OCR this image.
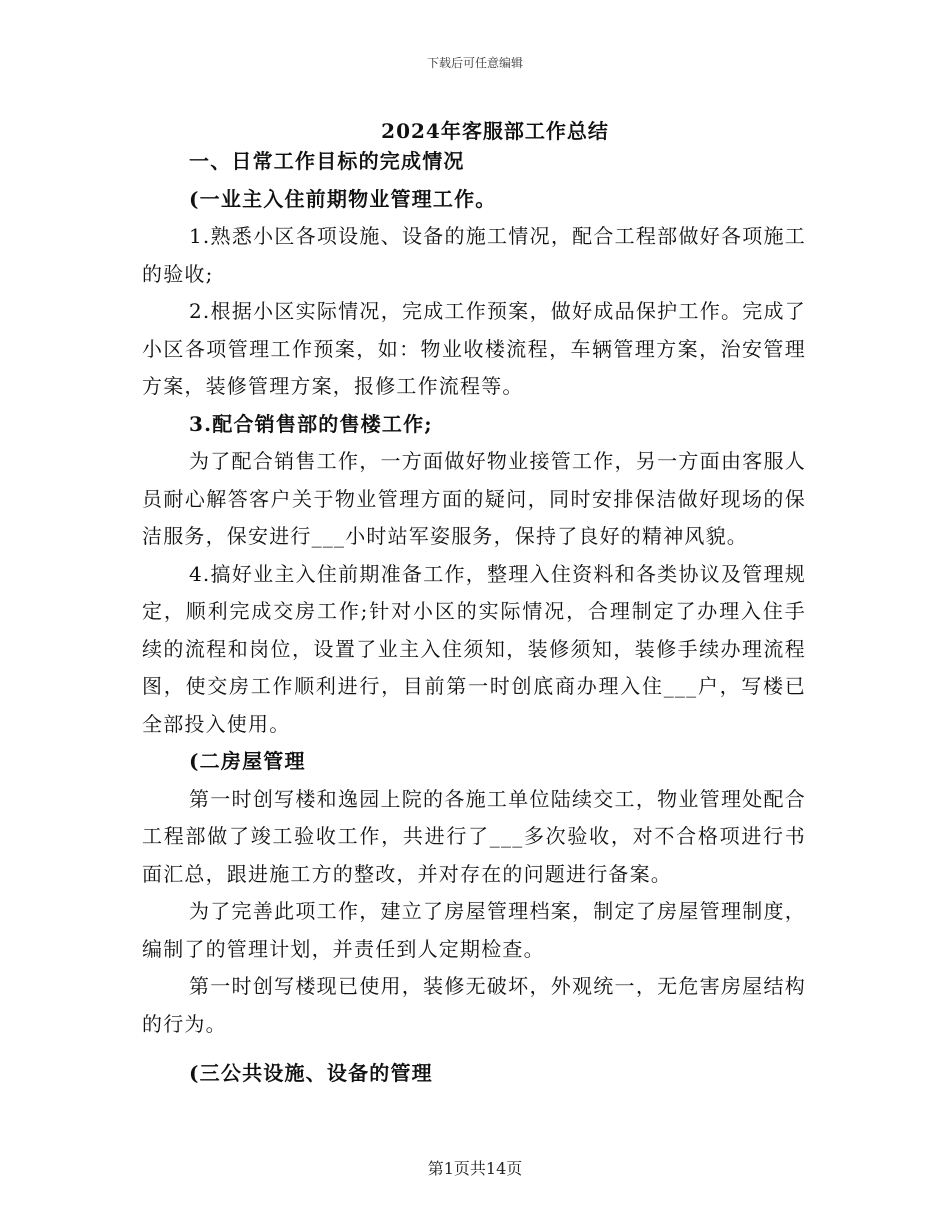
下载后可任意编辑
2024年客服部工作总结

一、日常工作目标的完成情况

(一业主入住前期物业管理工作。

1.熟悉小区各项设施、设备的施工情况，配合工程部做好各项施工的验收;

2.根据小区实际情况，完成工作预案，做好成品保护工作。完成了小区各项管理工作预案，如：物业收楼流程，车辆管理方案，治安管理方案，装修管理方案，报修工作流程等。

3.配合销售部的售楼工作;

为了配合销售工作，一方面做好物业接管工作，另一方面由客服人员耐心解答客户关于物业管理方面的疑问，同时安排保洁做好现场的保洁服务，保安进行___小时站军姿服务，保持了良好的精神风貌。

4.搞好业主入住前期准备工作，整理入住资料和各类协议及管理规定，顺利完成交房工作;针对小区的实际情况，合理制定了办理入住手续的流程和岗位，设置了业主入住须知，装修须知，装修手续办理流程图，使交房工作顺利进行，目前第一时创底商办理入住___户，写楼已全部投入使用。

(二房屋管理

第一时创写楼和逸园上院的各施工单位陆续交工，物业管理处配合工程部做了竣工验收工作，共进行了___多次验收，对不合格项进行书面汇总，跟进施工方的整改，并对存在的问题进行备案。

为了完善此项工作，建立了房屋管理档案，制定了房屋管理制度，编制了的管理计划，并责任到人定期检查。

第一时创写楼现已使用，装修无破坏，外观统一，无危害房屋结构的行为。

(三公共设施、设备的管理

第1页共14页
